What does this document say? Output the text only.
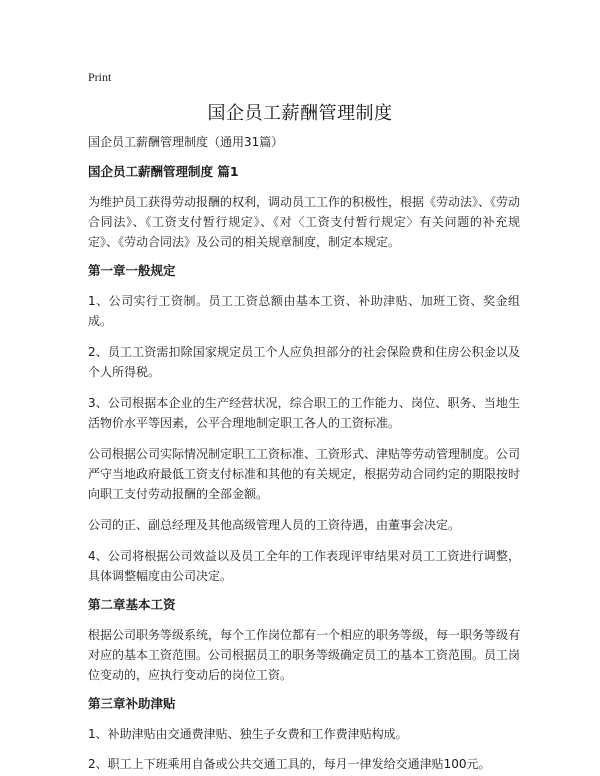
Print
国企员工薪酬管理制度
国企员工薪酬管理制度（通用31篇）
国企员工薪酬管理制度 篇1
为维护员工获得劳动报酬的权利，调动员工工作的积极性，根据《劳动法》、《劳动合同法》、《工资支付暂行规定》、《对〈工资支付暂行规定〉有关问题的补充规定》、《劳动合同法》及公司的相关规章制度，制定本规定。
第一章一般规定
1、公司实行工资制。员工工资总额由基本工资、补助津贴、加班工资、奖金组成。
2、员工工资需扣除国家规定员工个人应负担部分的社会保险费和住房公积金以及个人所得税。
3、公司根据本企业的生产经营状况，综合职工的工作能力、岗位、职务、当地生活物价水平等因素，公平合理地制定职工各人的工资标准。
公司根据公司实际情况制定职工工资标准、工资形式、津贴等劳动管理制度。公司严守当地政府最低工资支付标准和其他的有关规定，根据劳动合同约定的期限按时向职工支付劳动报酬的全部金额。
公司的正、副总经理及其他高级管理人员的工资待遇，由董事会决定。
4、公司将根据公司效益以及员工全年的工作表现评审结果对员工工资进行调整，具体调整幅度由公司决定。
第二章基本工资
根据公司职务等级系统，每个工作岗位都有一个相应的职务等级，每一职务等级有对应的基本工资范围。公司根据员工的职务等级确定员工的基本工资范围。员工岗位变动的，应执行变动后的岗位工资。
第三章补助津贴
1、补助津贴由交通费津贴、独生子女费和工作费津贴构成。
2、职工上下班乘用自备或公共交通工具的，每月一律发给交通津贴100元。
